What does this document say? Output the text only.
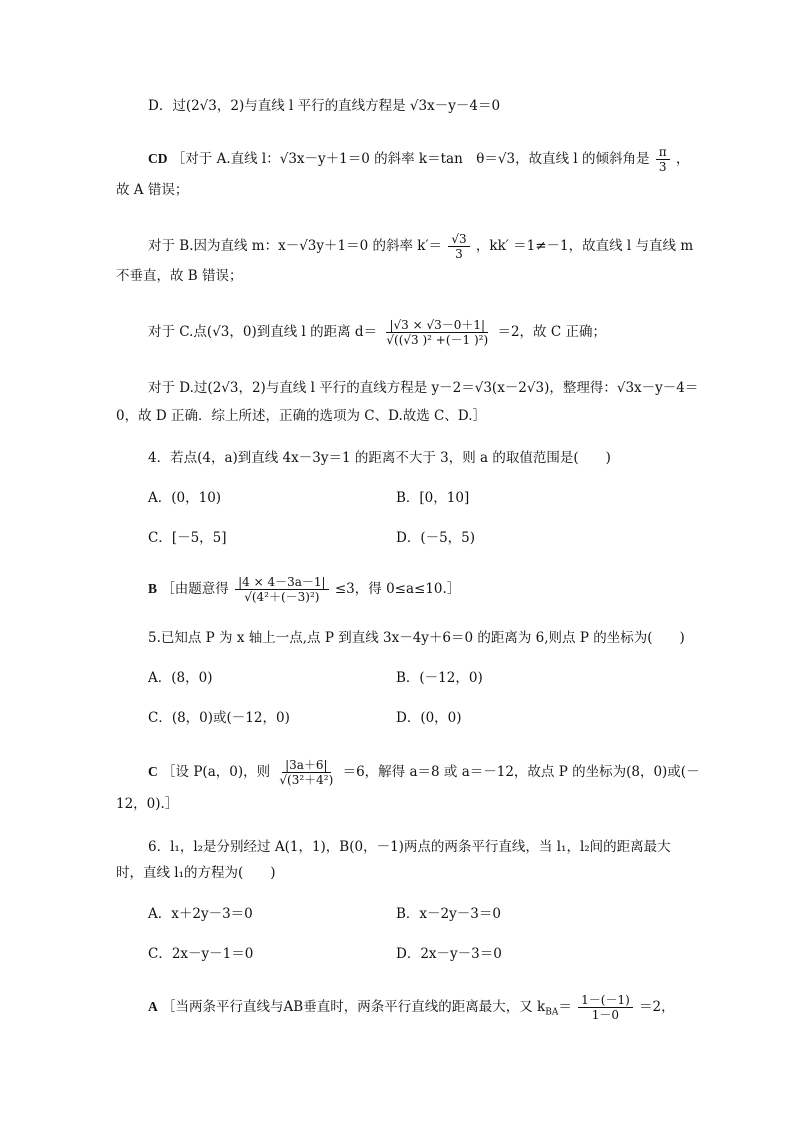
D．过(2√3，2)与直线 l 平行的直线方程是 √3x－y－4＝0
CD ［对于 A.直线 l：√3x－y＋1＝0 的斜率 k＝tan　θ＝√3，故直线 l 的倾斜角是 $\frac{\pi}{3}$ ，
故 A 错误；
对于 B.因为直线 m：x－√3y＋1＝0 的斜率 $k'= \frac{√3}{3}$ ，kk′ ＝1≠－1，故直线 l 与直线 m
不垂直，故 B 错误；
对于 C.点(√3，0)到直线 l 的距离 $d= \frac{|√3 \times √3-0+1|}{\text{√((√3 )² +(－1 )²)}} =2$，故 C 正确；
对于 D.过(2√3，2)与直线 l 平行的直线方程是 y－2＝√3(x－2√3)，整理得：√3x－y－4＝
0，故 D 正确．综上所述，正确的选项为 C、D.故选 C、D.］
4．若点(4，a)到直线 4x－3y＝1 的距离不大于 3，则 a 的取值范围是(　　)
A．(0，10)	B．[0，10]
C．[－5，5]	D．(－5，5)
B ［由题意得 $\frac{|4 \times 4-3a-1|}{\text{√(4²＋(－3)²)}} \le 3$，得 0≤a≤10.］
5.已知点 P 为 x 轴上一点,点 P 到直线 3x－4y＋6＝0 的距离为 6,则点 P 的坐标为(　　)
A．(8，0)	B．(－12，0)
C．(8，0)或(－12，0)	D．(0，0)
C ［设 P(a，0)，则 $\frac{|3a+6|}{\text{√(3²＋4²)}} =6$，解得 a＝8 或 a＝－12，故点 P 的坐标为(8，0)或(－
12，0).］
6．l₁，l₂是分别经过 A(1，1)，B(0，－1)两点的两条平行直线，当 l₁，l₂间的距离最大
时，直线 l₁的方程为(　　)
A．x＋2y－3＝0	B．x－2y－3＝0
C．2x－y－1＝0	D．2x－y－3＝0
A ［当两条平行直线与AB垂直时，两条平行直线的距离最大，又 $k_{BA}= \frac{1-(-1)}{1-0} =2$，
